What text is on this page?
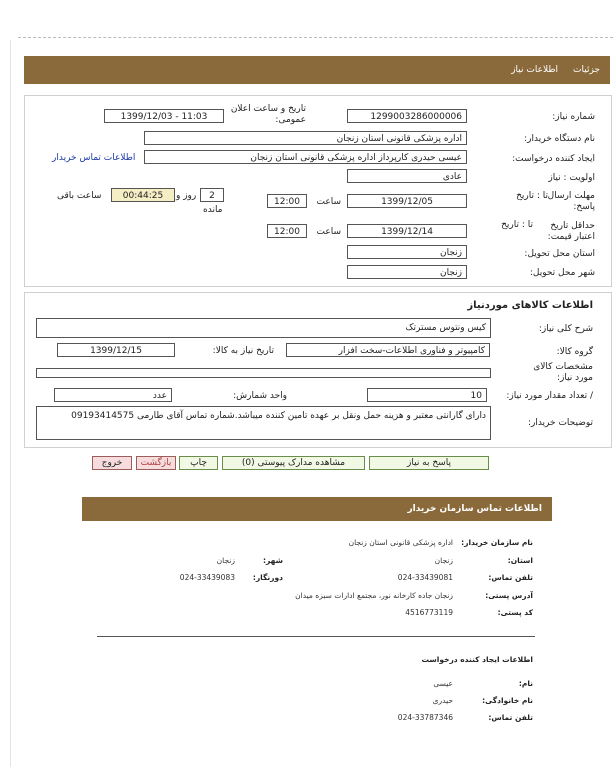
جزئیات
اطلاعات نیاز
شماره نیاز:
1299003286000006
تاریخ و ساعت اعلان عمومی:
1399/12/03 - 11:03
نام دستگاه خریدار:
اداره پزشکی قانونی استان زنجان
ایجاد کننده درخواست:
عیسی حیدری کارپرداز اداره پزشکی قانونی استان زنجان
اطلاعات تماس خریدار
اولویت : نیاز
عادی
مهلت ارسال پاسخ:
تا : تاریخ
1399/12/05
ساعت
12:00
2
روز و
مانده
00:44:25
ساعت باقی
حداقل تاریخ اعتبار قیمت:
تا : تاریخ
1399/12/14
ساعت
12:00
استان محل تحویل:
زنجان
شهر محل تحویل:
زنجان
اطلاعات کالاهای موردنیاز
شرح کلی نیاز:
کیس ونتوس مسترتک
گروه کالا:
کامپیوتر و فناوری اطلاعات-سخت افزار
تاریخ نیاز به کالا:
1399/12/15
مشخصات کالای مورد نیاز:
/ تعداد مقدار مورد نیاز:
10
واحد شمارش:
عدد
توضیحات خریدار:
دارای گارانتی معتبر و هزینه حمل ونقل بر عهده تامین کننده میباشد.شماره تماس آقای طارمی 09193414575
پاسخ به نیاز
مشاهده مدارک پیوستی (0)
چاپ
بازگشت
خروج
اطلاعات تماس سازمان خریدار
نام سازمان خریدار:
اداره پزشکی قانونی استان زنجان
استان:
زنجان
شهر:
زنجان
تلفن تماس:
024-33439081
دورنگار:
024-33439083
آدرس پستی:
زنجان جاده کارخانه نور، مجتمع ادارات سبزه میدان
کد پستی:
4516773119
اطلاعات ایجاد کننده درخواست
نام:
عیسی
نام خانوادگی:
حیدری
تلفن تماس:
024-33787346
